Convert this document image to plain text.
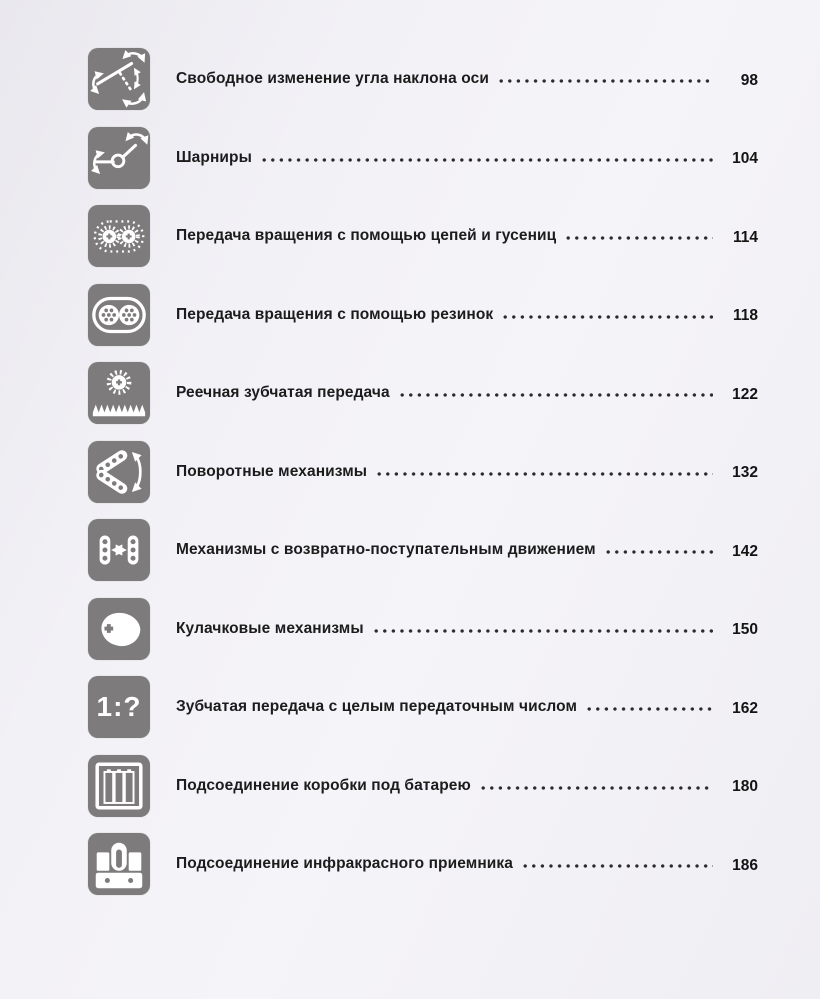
Свободное изменение угла наклона оси	98
Шарниры	104
Передача вращения с помощью цепей и гусениц	114
Передача вращения с помощью резинок	118
Реечная зубчатая передача	122
Поворотные механизмы	132
Механизмы с возвратно-поступательным движением	142
Кулачковые механизмы	150
1:? Зубчатая передача с целым передаточным числом	162
Подсоединение коробки под батарею	180
Подсоединение инфракрасного приемника	186
